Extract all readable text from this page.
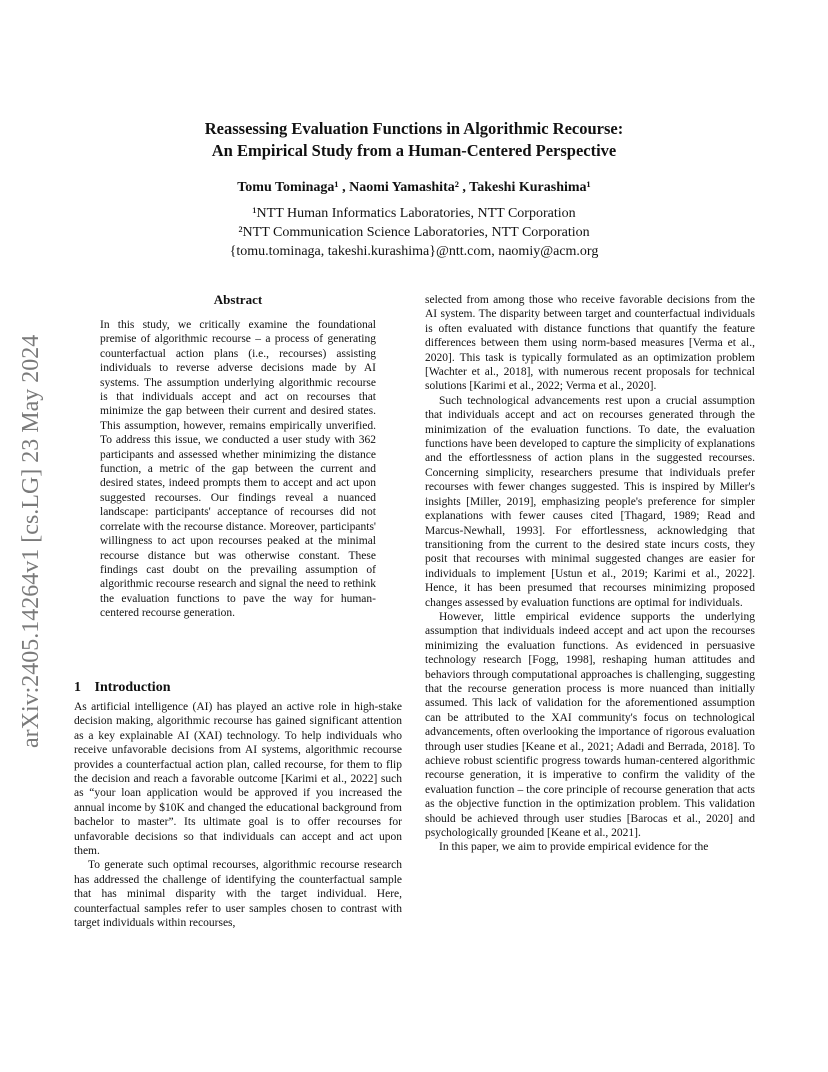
arXiv:2405.14264v1 [cs.LG] 23 May 2024
Reassessing Evaluation Functions in Algorithmic Recourse:
An Empirical Study from a Human-Centered Perspective
Tomu Tominaga¹ , Naomi Yamashita² , Takeshi Kurashima¹
¹NTT Human Informatics Laboratories, NTT Corporation
²NTT Communication Science Laboratories, NTT Corporation
{tomu.tominaga, takeshi.kurashima}@ntt.com, naomiy@acm.org
Abstract
In this study, we critically examine the foundational premise of algorithmic recourse – a process of generating counterfactual action plans (i.e., recourses) assisting individuals to reverse adverse decisions made by AI systems. The assumption underlying algorithmic recourse is that individuals accept and act on recourses that minimize the gap between their current and desired states. This assumption, however, remains empirically unverified. To address this issue, we conducted a user study with 362 participants and assessed whether minimizing the distance function, a metric of the gap between the current and desired states, indeed prompts them to accept and act upon suggested recourses. Our findings reveal a nuanced landscape: participants' acceptance of recourses did not correlate with the recourse distance. Moreover, participants' willingness to act upon recourses peaked at the minimal recourse distance but was otherwise constant. These findings cast doubt on the prevailing assumption of algorithmic recourse research and signal the need to rethink the evaluation functions to pave the way for human-centered recourse generation.
1 Introduction

As artificial intelligence (AI) has played an active role in high-stake decision making, algorithmic recourse has gained significant attention as a key explainable AI (XAI) technology. To help individuals who receive unfavorable decisions from AI systems, algorithmic recourse provides a counterfactual action plan, called recourse, for them to flip the decision and reach a favorable outcome [Karimi et al., 2022] such as “your loan application would be approved if you increased the annual income by $10K and changed the educational background from bachelor to master”. Its ultimate goal is to offer recourses for unfavorable decisions so that individuals can accept and act upon them.

To generate such optimal recourses, algorithmic recourse research has addressed the challenge of identifying the counterfactual sample that has minimal disparity with the target individual. Here, counterfactual samples refer to user samples chosen to contrast with target individuals within recourses,

selected from among those who receive favorable decisions from the AI system. The disparity between target and counterfactual individuals is often evaluated with distance functions that quantify the feature differences between them using norm-based measures [Verma et al., 2020]. This task is typically formulated as an optimization problem [Wachter et al., 2018], with numerous recent proposals for technical solutions [Karimi et al., 2022; Verma et al., 2020].

Such technological advancements rest upon a crucial assumption that individuals accept and act on recourses generated through the minimization of the evaluation functions. To date, the evaluation functions have been developed to capture the simplicity of explanations and the effortlessness of action plans in the suggested recourses. Concerning simplicity, researchers presume that individuals prefer recourses with fewer changes suggested. This is inspired by Miller's insights [Miller, 2019], emphasizing people's preference for simpler explanations with fewer causes cited [Thagard, 1989; Read and Marcus-Newhall, 1993]. For effortlessness, acknowledging that transitioning from the current to the desired state incurs costs, they posit that recourses with minimal suggested changes are easier for individuals to implement [Ustun et al., 2019; Karimi et al., 2022]. Hence, it has been presumed that recourses minimizing proposed changes assessed by evaluation functions are optimal for individuals.

However, little empirical evidence supports the underlying assumption that individuals indeed accept and act upon the recourses minimizing the evaluation functions. As evidenced in persuasive technology research [Fogg, 1998], reshaping human attitudes and behaviors through computational approaches is challenging, suggesting that the recourse generation process is more nuanced than initially assumed. This lack of validation for the aforementioned assumption can be attributed to the XAI community's focus on technological advancements, often overlooking the importance of rigorous evaluation through user studies [Keane et al., 2021; Adadi and Berrada, 2018]. To achieve robust scientific progress towards human-centered algorithmic recourse generation, it is imperative to confirm the validity of the evaluation function – the core principle of recourse generation that acts as the objective function in the optimization problem. This validation should be achieved through user studies [Barocas et al., 2020] and psychologically grounded [Keane et al., 2021].

In this paper, we aim to provide empirical evidence for the
